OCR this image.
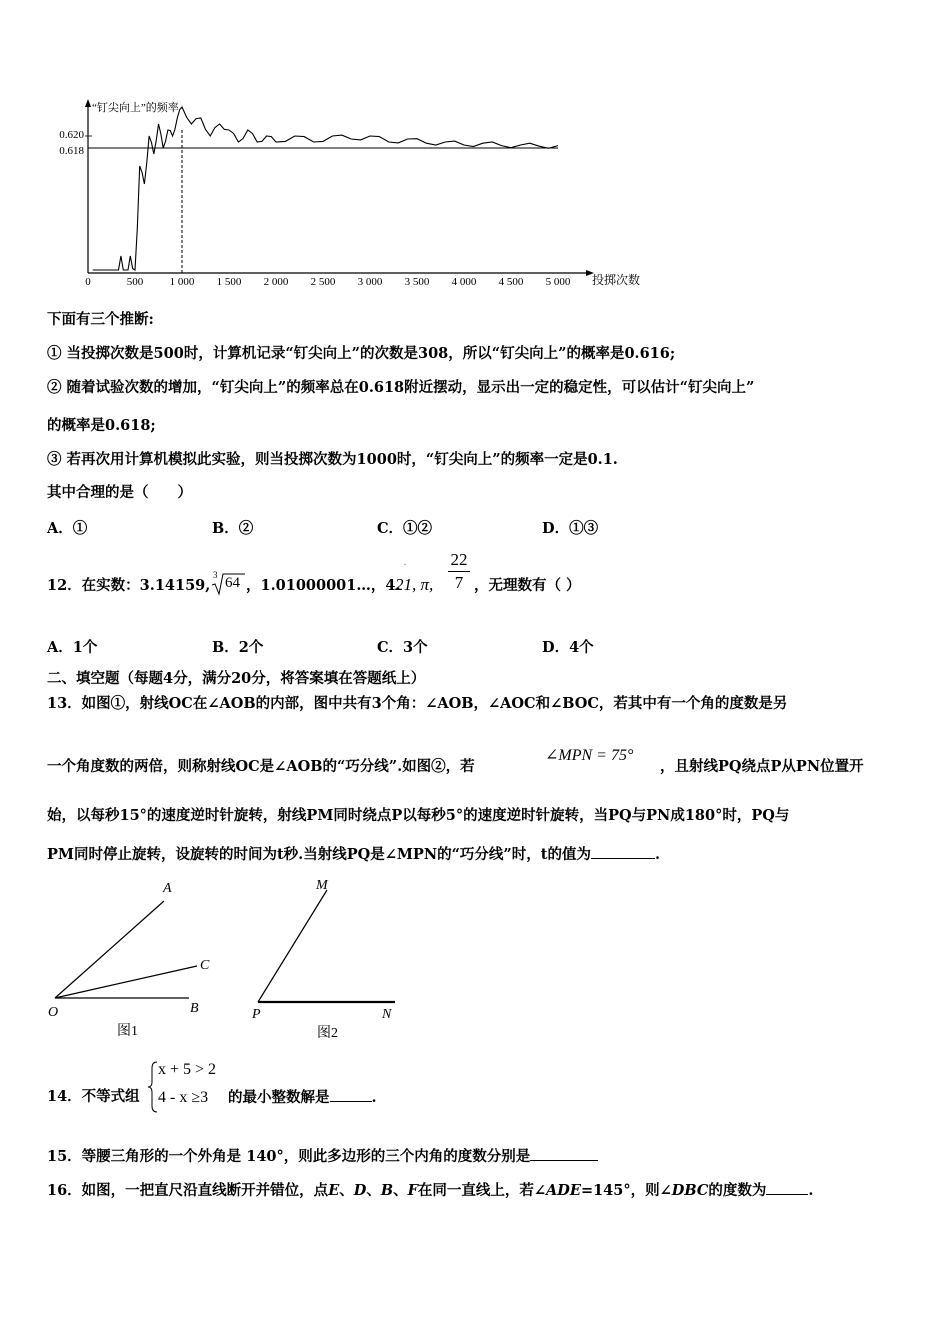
“钉尖向上”的频率
投掷次数
0	500 1 000 1 500 2 000 2 500 3 000 3 500 4 000 4 500 5 000
0.620
0.618
下面有三个推断:
① 当投掷次数是500时，计算机记录“钉尖向上”的次数是308，所以“钉尖向上”的概率是0.616;
② 随着试验次数的增加，“钉尖向上”的频率总在0.618附近摆动，显示出一定的稳定性，可以估计“钉尖向上”
的概率是0.618;
③ 若再次用计算机模拟此实验，则当投掷次数为1000时，“钉尖向上”的频率一定是0.1.
其中合理的是（　　）
A．①	B．②	C．①②	D．①③
12．在实数：3.14159,
3 64 ，1.01000001…，4.
·
21, π,
22
7 ，无理数有（ ）
A．1个	B．2个	C．3个	D．4个
二、填空题（每题4分，满分20分，将答案填在答题纸上）
13．如图①，射线OC在∠AOB的内部，图中共有3个角：∠AOB，∠AOC和∠BOC，若其中有一个角的度数是另
一个角度数的两倍，则称射线OC是∠AOB的“巧分线”.如图②，若
∠MPN = 75°
，且射线PQ绕点P从PN位置开
始，以每秒15°的速度逆时针旋转，射线PM同时绕点P以每秒5°的速度逆时针旋转，当PQ与PN成180°时，PQ与
PM同时停止旋转，设旋转的时间为t秒.当射线PQ是∠MPN的“巧分线”时，t的值为	.
A
C
O	B
图1
M
P	N
图2
14．不等式组
x + 5 > 2
4 - x ≥3 的最小整数解是	.
15．等腰三角形的一个外角是 140°，则此多边形的三个内角的度数分别是
16．如图，一把直尺沿直线断开并错位，点E、D、B、F在同一直线上，若∠ADE=145°，则∠DBC的度数为	.
